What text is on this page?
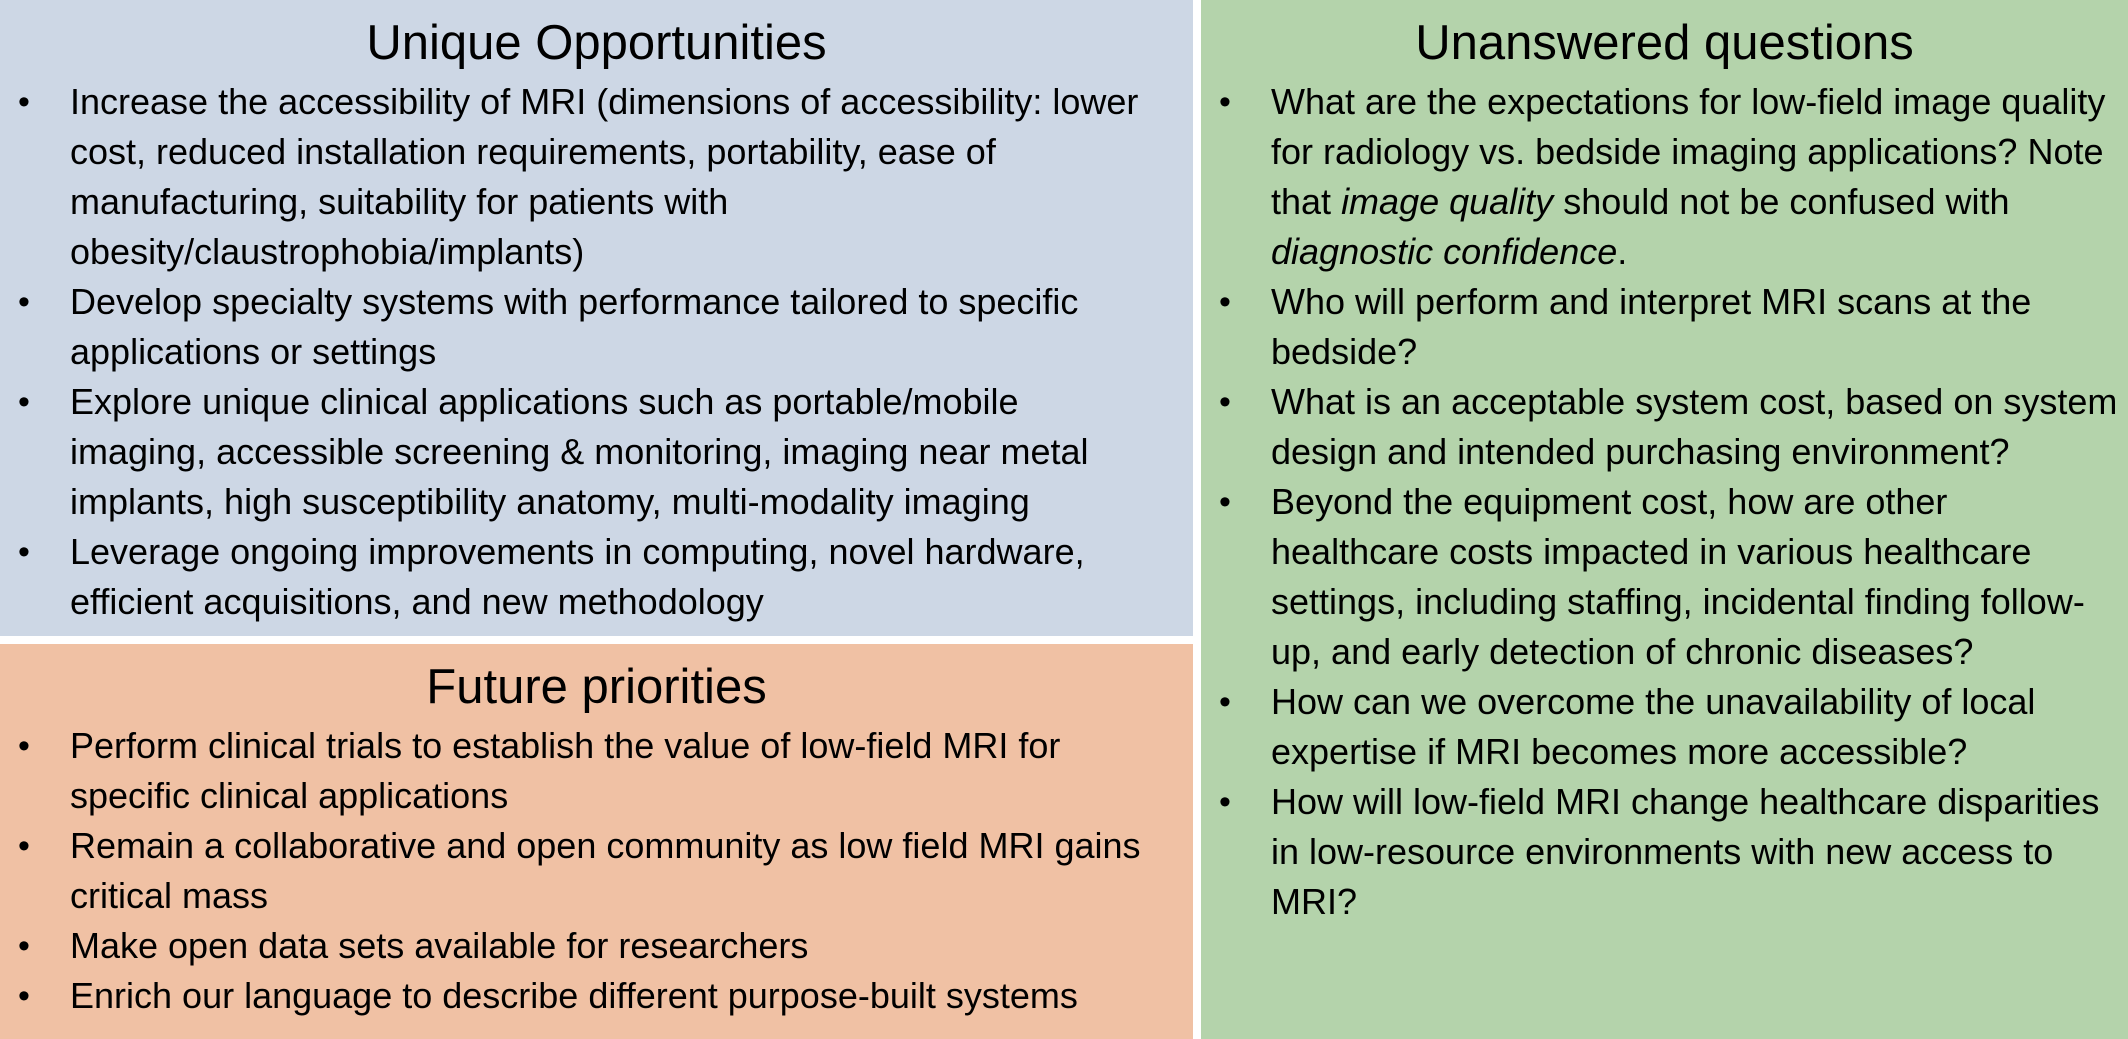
Unique Opportunities
• Increase the accessibility of MRI (dimensions of accessibility: lower cost, reduced installation requirements, portability, ease of manufacturing, suitability for patients with obesity/claustrophobia/implants)
• Develop specialty systems with performance tailored to specific applications or settings
• Explore unique clinical applications such as portable/mobile imaging, accessible screening & monitoring, imaging near metal implants, high susceptibility anatomy, multi-modality imaging
• Leverage ongoing improvements in computing, novel hardware, efficient acquisitions, and new methodology
Future priorities
• Perform clinical trials to establish the value of low-field MRI for specific clinical applications
• Remain a collaborative and open community as low field MRI gains critical mass
• Make open data sets available for researchers
• Enrich our language to describe different purpose-built systems
Unanswered questions
• What are the expectations for low-field image quality for radiology vs. bedside imaging applications? Note that image quality should not be confused with diagnostic confidence.
• Who will perform and interpret MRI scans at the bedside?
• What is an acceptable system cost, based on system design and intended purchasing environment?
• Beyond the equipment cost, how are other healthcare costs impacted in various healthcare settings, including staffing, incidental finding follow-up, and early detection of chronic diseases?
• How can we overcome the unavailability of local expertise if MRI becomes more accessible?
• How will low-field MRI change healthcare disparities in low-resource environments with new access to MRI?
